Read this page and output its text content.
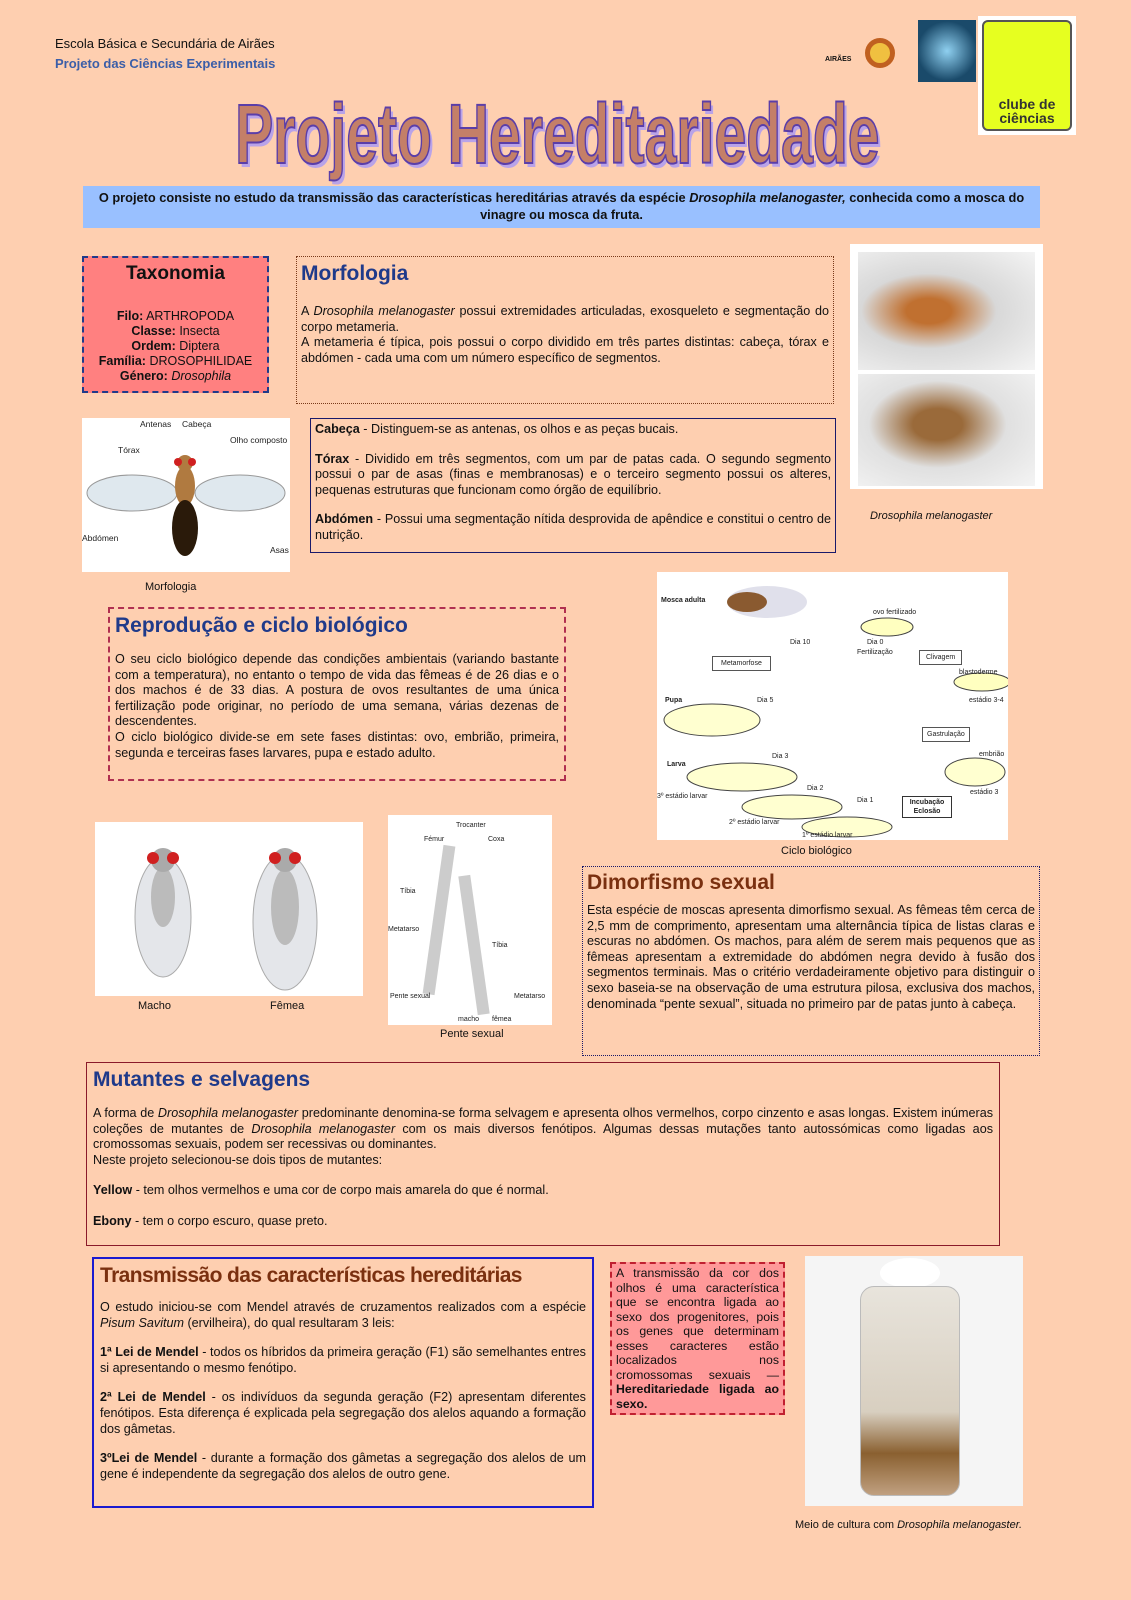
Escola Básica e Secundária de Airães
Projeto das Ciências Experimentais	AIRÃES
clube de ciências
Projeto Hereditariedade
O projeto consiste no estudo da transmissão das características hereditárias através da espécie Drosophila melanogaster, conhecida como a mosca do vinagre ou mosca da fruta.
Taxonomia
Filo: ARTHROPODA
Classe: Insecta
Ordem: Diptera
Família: DROSOPHILIDAE
Género: Drosophila
Morfologia
A Drosophila melanogaster possui extremidades articuladas, exosqueleto e segmentação do corpo metameria.
A metameria é típica, pois possui o corpo dividido em três partes distintas: cabeça, tórax e abdómen - cada uma com um número específico de segmentos.
Drosophila melanogaster
Antenas Cabeça
Tórax
Olho composto
Abdómen
Asas
Morfologia
Cabeça - Distinguem-se as antenas, os olhos e as peças bucais.
Tórax - Dividido em três segmentos, com um par de patas cada. O segundo segmento possui o par de asas (finas e membranosas) e o terceiro segmento possui os alteres, pequenas estruturas que funcionam como órgão de equilíbrio.
Abdómen - Possui uma segmentação nítida desprovida de apêndice e constitui o centro de nutrição.
Reprodução e ciclo biológico
O seu ciclo biológico depende das condições ambientais (variando bastante com a temperatura), no entanto o tempo de vida das fêmeas é de 26 dias e o dos machos é de 33 dias. A postura de ovos resultantes de uma única fertilização pode originar, no período de uma semana, várias dezenas de descendentes.
O ciclo biológico divide-se em sete fases distintas: ovo, embrião, primeira, segunda e terceiras fases larvares, pupa e estado adulto.
Mosca adulta
ovo fertilizado
Dia 0
Fertilização
Dia 10
Metamorfose
Clivagem
blastoderme
estádio 3-4
Pupa	Dia 5
Gastrulação
embrião
Larva
Dia 3
estádio 3
3º estádio larvar
Dia 2
Dia 1	Incubação Eclosão
2º estádio larvar
1º estádio larvar
Ciclo biológico
Macho	Fêmea
Trocanter
Fémur	Coxa
Tíbia
Metatarso
Tíbia
Pente sexual	Metatarso
macho fêmea
Pente sexual
Dimorfismo sexual
Esta espécie de moscas apresenta dimorfismo sexual. As fêmeas têm cerca de 2,5 mm de comprimento, apresentam uma alternância típica de listas claras e escuras no abdómen. Os machos, para além de serem mais pequenos que as fêmeas apresentam a extremidade do abdómen negra devido à fusão dos segmentos terminais. Mas o critério verdadeiramente objetivo para distinguir o sexo baseia-se na observação de uma estrutura pilosa, exclusiva dos machos, denominada “pente sexual”, situada no primeiro par de patas junto à cabeça.
Mutantes e selvagens
A forma de Drosophila melanogaster predominante denomina-se forma selvagem e apresenta olhos vermelhos, corpo cinzento e asas longas. Existem inúmeras coleções de mutantes de Drosophila melanogaster com os mais diversos fenótipos. Algumas dessas mutações tanto autossómicas como ligadas aos cromossomas sexuais, podem ser recessivas ou dominantes.
Neste projeto selecionou-se dois tipos de mutantes:
Yellow - tem olhos vermelhos e uma cor de corpo mais amarela do que é normal.
Ebony - tem o corpo escuro, quase preto.
Transmissão das características hereditárias
O estudo iniciou-se com Mendel através de cruzamentos realizados com a espécie Pisum Savitum (ervilheira), do qual resultaram 3 leis:
1ª Lei de Mendel - todos os híbridos da primeira geração (F1) são semelhantes entres si apresentando o mesmo fenótipo.
2ª Lei de Mendel - os indivíduos da segunda geração (F2) apresentam diferentes fenótipos. Esta diferença é explicada pela segregação dos alelos aquando a formação dos gâmetas.
3ºLei de Mendel - durante a formação dos gâmetas a segregação dos alelos de um gene é independente da segregação dos alelos de outro gene.
A transmissão da cor dos olhos é uma característica que se encontra ligada ao sexo dos progenitores, pois os genes que determinam esses caracteres estão localizados nos cromossomas sexuais — Hereditariedade ligada ao sexo.
Meio de cultura com Drosophila melanogaster.
